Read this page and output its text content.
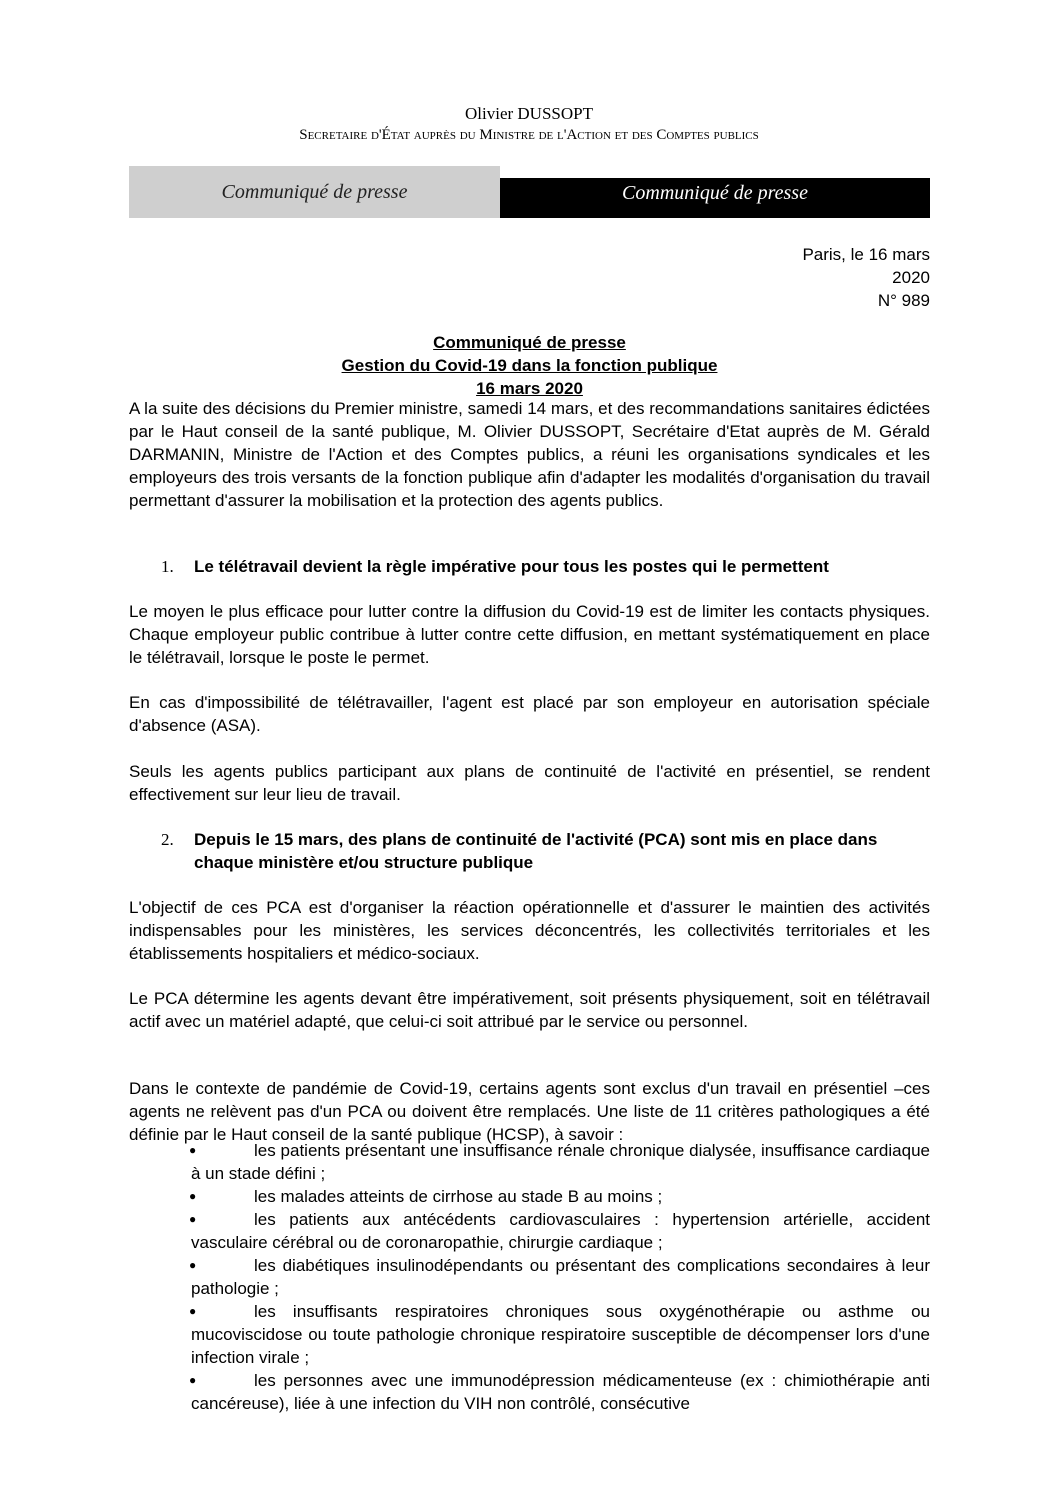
Olivier DUSSOPT
Secretaire d'État auprès du Ministre de l'Action et des Comptes publics
Communiqué de presse	Communiqué de presse
Paris, le 16 mars
2020
N° 989
Communiqué de presse
Gestion du Covid-19 dans la fonction publique
16 mars 2020
A la suite des décisions du Premier ministre, samedi 14 mars, et des recommandations sanitaires édictées par le Haut conseil de la santé publique, M. Olivier DUSSOPT, Secrétaire d'Etat auprès de M. Gérald DARMANIN, Ministre de l'Action et des Comptes publics, a réuni les organisations syndicales et les employeurs des trois versants de la fonction publique afin d'adapter les modalités d'organisation du travail permettant d'assurer la mobilisation et la protection des agents publics.
1.	Le télétravail devient la règle impérative pour tous les postes qui le permettent
Le moyen le plus efficace pour lutter contre la diffusion du Covid-19 est de limiter les contacts physiques. Chaque employeur public contribue à lutter contre cette diffusion, en mettant systématiquement en place le télétravail, lorsque le poste le permet.
En cas d'impossibilité de télétravailler, l'agent est placé par son employeur en autorisation spéciale d'absence (ASA).
Seuls les agents publics participant aux plans de continuité de l'activité en présentiel, se rendent effectivement sur leur lieu de travail.
2.	Depuis le 15 mars, des plans de continuité de l'activité (PCA) sont mis en place dans chaque ministère et/ou structure publique
L'objectif de ces PCA est d'organiser la réaction opérationnelle et d'assurer le maintien des activités indispensables pour les ministères, les services déconcentrés, les collectivités territoriales et les établissements hospitaliers et médico-sociaux.
Le PCA détermine les agents devant être impérativement, soit présents physiquement, soit en télétravail actif avec un matériel adapté, que celui-ci soit attribué par le service ou personnel.
Dans le contexte de pandémie de Covid-19, certains agents sont exclus d'un travail en présentiel –ces agents ne relèvent pas d'un PCA ou doivent être remplacés. Une liste de 11 critères pathologiques a été définie par le Haut conseil de la santé publique (HCSP), à savoir :
●	les patients présentant une insuffisance rénale chronique dialysée, insuffisance cardiaque à un stade défini ;
●	les malades atteints de cirrhose au stade B au moins ;
●	les patients aux antécédents cardiovasculaires : hypertension artérielle, accident vasculaire cérébral ou de coronaropathie, chirurgie cardiaque ;
●	les diabétiques insulinodépendants ou présentant des complications secondaires à leur pathologie ;
●	les insuffisants respiratoires chroniques sous oxygénothérapie ou asthme ou mucoviscidose ou toute pathologie chronique respiratoire susceptible de décompenser lors d'une infection virale ;
●	les personnes avec une immunodépression médicamenteuse (ex : chimiothérapie anti cancéreuse), liée à une infection du VIH non contrôlé, consécutive
